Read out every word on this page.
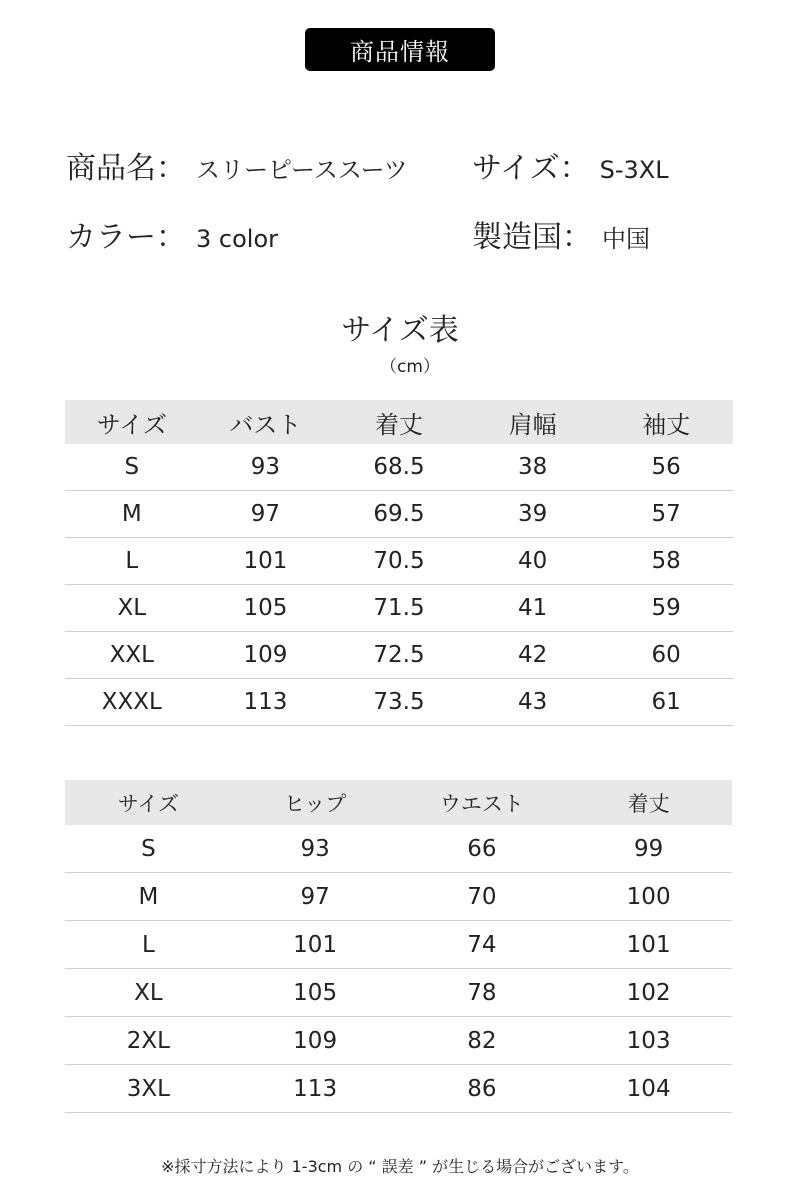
商品情報
商品名 ： スリーピーススーツ サイズ ： S-3XL
カラー ： 3 color	製造国 ： 中国
サイズ表
（cm）
サイズ	バスト	着丈	肩幅	袖丈
S	93	68.5	38	56
M	97	69.5	39	57
L	101	70.5	40	58
XL	105	71.5	41	59
XXL	109	72.5	42	60
XXXL	113	73.5	43	61
サイズ	ヒップ	ウエスト	着丈
S	93	66	99
M	97	70	100
L	101	74	101
XL	105	78	102
2XL	109	82	103
3XL	113	86	104
※採寸方法により 1-3cm の “ 誤差 ” が生じる場合がございます。
